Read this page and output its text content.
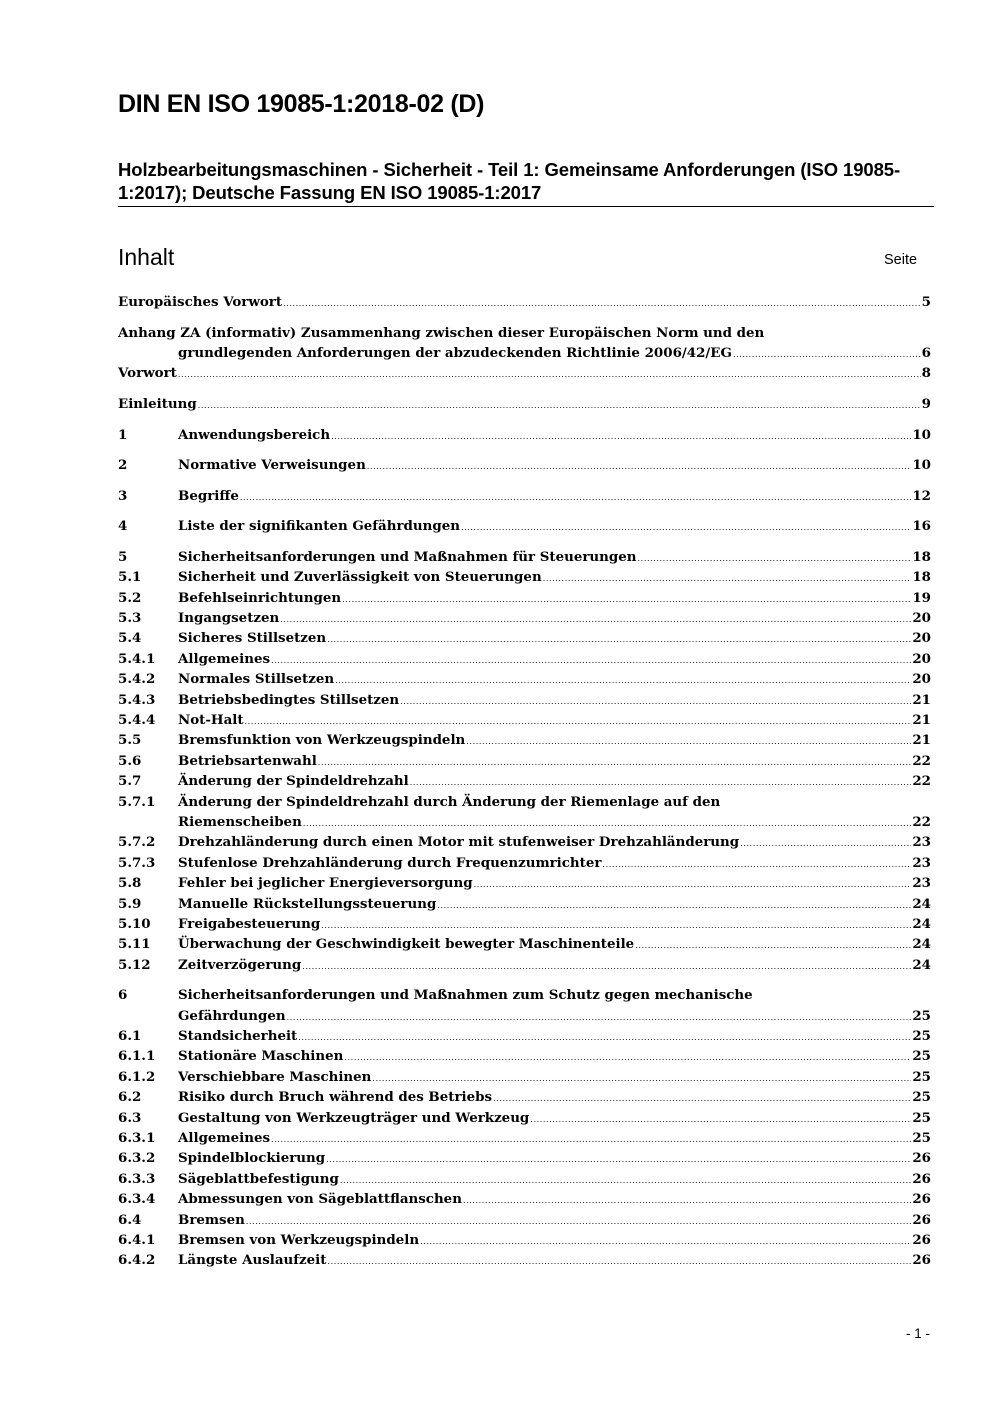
DIN EN ISO 19085-1:2018-02 (D)
Holzbearbeitungsmaschinen - Sicherheit - Teil 1: Gemeinsame Anforderungen (ISO 19085-1:2017); Deutsche Fassung EN ISO 19085-1:2017
Inhalt	Seite
Europäisches Vorwort .....	5
Anhang ZA (informativ) Zusammenhang zwischen dieser Europäischen Norm und den
grundlegenden Anforderungen der abzudeckenden Richtlinie 2006/42/EG .....	6
Vorwort .....	8
Einleitung .....	9
1	Anwendungsbereich .....	10
2	Normative Verweisungen .....	10
3	Begriffe .....	12
4	Liste der signifikanten Gefährdungen .....	16
5	Sicherheitsanforderungen und Maßnahmen für Steuerungen .....	18
5.1	Sicherheit und Zuverlässigkeit von Steuerungen .....	18
5.2	Befehlseinrichtungen .....	19
5.3	Ingangsetzen .....	20
5.4	Sicheres Stillsetzen .....	20
5.4.1 Allgemeines .....	20
5.4.2 Normales Stillsetzen .....	20
5.4.3 Betriebsbedingtes Stillsetzen .....	21
5.4.4 Not-Halt .....	21
5.5	Bremsfunktion von Werkzeugspindeln .....	21
5.6	Betriebsartenwahl .....	22
5.7	Änderung der Spindeldrehzahl .....	22
5.7.1 Änderung der Spindeldrehzahl durch Änderung der Riemenlage auf den
Riemenscheiben .....	22
5.7.2 Drehzahländerung durch einen Motor mit stufenweiser Drehzahländerung .....	23
5.7.3 Stufenlose Drehzahländerung durch Frequenzumrichter .....	23
5.8	Fehler bei jeglicher Energieversorgung .....	23
5.9	Manuelle Rückstellungssteuerung .....	24
5.10 Freigabesteuerung .....	24
5.11 Überwachung der Geschwindigkeit bewegter Maschinenteile .....	24
5.12 Zeitverzögerung .....	24
6	Sicherheitsanforderungen und Maßnahmen zum Schutz gegen mechanische
Gefährdungen .....	25
6.1	Standsicherheit .....	25
6.1.1 Stationäre Maschinen .....	25
6.1.2 Verschiebbare Maschinen .....	25
6.2	Risiko durch Bruch während des Betriebs .....	25
6.3	Gestaltung von Werkzeugträger und Werkzeug .....	25
6.3.1 Allgemeines .....	25
6.3.2 Spindelblockierung .....	26
6.3.3 Sägeblattbefestigung .....	26
6.3.4 Abmessungen von Sägeblattflanschen .....	26
6.4	Bremsen .....	26
6.4.1 Bremsen von Werkzeugspindeln .....	26
6.4.2 Längste Auslaufzeit .....	26
- 1 -
